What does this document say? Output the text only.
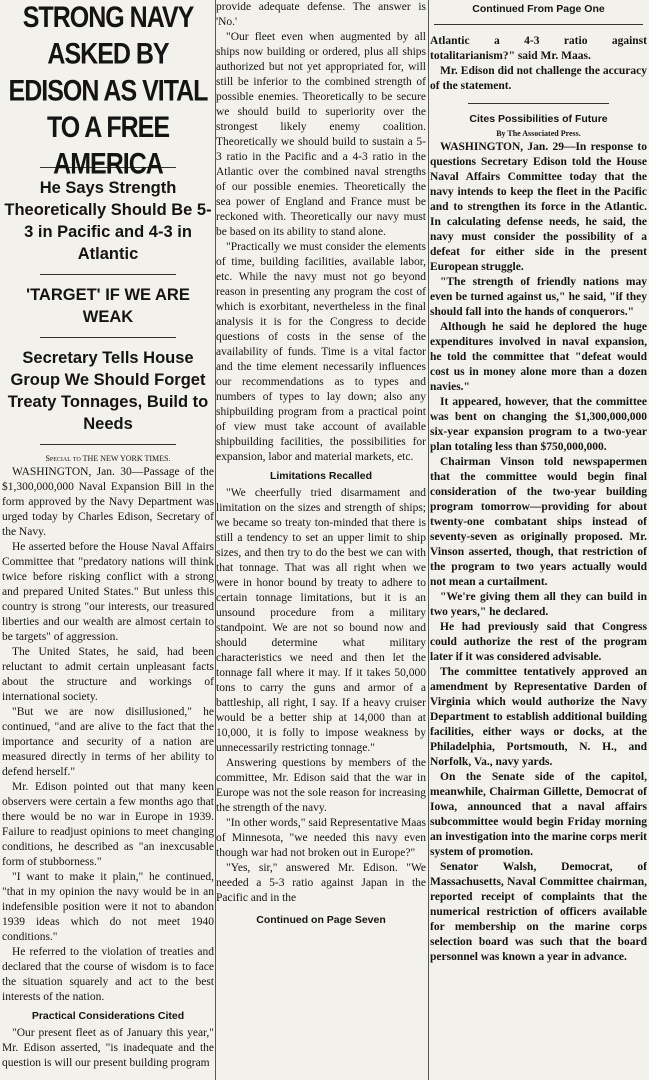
STRONG NAVY ASKED BY EDISON AS VITAL TO A FREE AMERICA
He Says Strength Theoretically Should Be 5-3 in Pacific and 4-3 in Atlantic
'TARGET' IF WE ARE WEAK
Secretary Tells House Group We Should Forget Treaty Tonnages, Build to Needs
Special to THE NEW YORK TIMES.

WASHINGTON, Jan. 30—Passage of the $1,300,000,000 Naval Expansion Bill in the form approved by the Navy Department was urged today by Charles Edison, Secretary of the Navy.

He asserted before the House Naval Affairs Committee that "predatory nations will think twice before risking conflict with a strong and prepared United States." But unless this country is strong "our interests, our treasured liberties and our wealth are almost certain to be targets" of aggression.

The United States, he said, had been reluctant to admit certain unpleasant facts about the structure and workings of international society.

"But we are now disillusioned," he continued, "and are alive to the fact that the importance and security of a nation are measured directly in terms of her ability to defend herself."

Mr. Edison pointed out that many keen observers were certain a few months ago that there would be no war in Europe in 1939. Failure to readjust opinions to meet changing conditions, he described as "an inexcusable form of stubborness."

"I want to make it plain," he continued, "that in my opinion the navy would be in an indefensible position were it not to abandon 1939 ideas which do not meet 1940 conditions."

He referred to the violation of treaties and declared that the course of wisdom is to face the situation squarely and act to the best interests of the nation.

Practical Considerations Cited

"Our present fleet as of January this year," Mr. Edison asserted, "is inadequate and the question is will our present building program

provide adequate defense. The answer is 'No.'

"Our fleet even when augmented by all ships now building or ordered, plus all ships authorized but not yet appropriated for, will still be inferior to the combined strength of possible enemies. Theoretically to be secure we should build to superiority over the strongest likely enemy coalition. Theoretically we should build to sustain a 5-3 ratio in the Pacific and a 4-3 ratio in the Atlantic over the combined naval strengths of our possible enemies. Theoretically the sea power of England and France must be reckoned with. Theoretically our navy must be based on its ability to stand alone.

"Practically we must consider the elements of time, building facilities, available labor, etc. While the navy must not go beyond reason in presenting any program the cost of which is exorbitant, nevertheless in the final analysis it is for the Congress to decide questions of costs in the sense of the availability of funds. Time is a vital factor and the time element necessarily influences our recommendations as to types and numbers of types to lay down; also any shipbuilding program from a practical point of view must take account of available shipbuilding facilities, the possibilities for expansion, labor and material markets, etc.

Limitations Recalled

"We cheerfully tried disarmament and limitation on the sizes and strength of ships; we became so treaty ton-minded that there is still a tendency to set an upper limit to ship sizes, and then try to do the best we can with that tonnage. That was all right when we were in honor bound by treaty to adhere to certain tonnage limitations, but it is an unsound procedure from a military standpoint. We are not so bound now and should determine what military characteristics we need and then let the tonnage fall where it may. If it takes 50,000 tons to carry the guns and armor of a battleship, all right, I say. If a heavy cruiser would be a better ship at 14,000 than at 10,000, it is folly to impose weakness by unnecessarily restricting tonnage."

Answering questions by members of the committee, Mr. Edison said that the war in Europe was not the sole reason for increasing the strength of the navy.

"In other words," said Representative Maas of Minnesota, "we needed this navy even though war had not broken out in Europe?"

"Yes, sir," answered Mr. Edison. "We needed a 5-3 ratio against Japan in the Pacific and in the

Continued on Page Seven
Continued From Page One

Atlantic a 4-3 ratio against totalitarianism?" said Mr. Maas.

Mr. Edison did not challenge the accuracy of the statement.

Cites Possibilities of Future
By The Associated Press.

WASHINGTON, Jan. 29—In response to questions Secretary Edison told the House Naval Affairs Committee today that the navy intends to keep the fleet in the Pacific and to strengthen its force in the Atlantic. In calculating defense needs, he said, the navy must consider the possibility of a defeat for either side in the present European struggle.

"The strength of friendly nations may even be turned against us," he said, "if they should fall into the hands of conquerors."

Although he said he deplored the huge expenditures involved in naval expansion, he told the committee that "defeat would cost us in money alone more than a dozen navies."

It appeared, however, that the committee was bent on changing the $1,300,000,000 six-year expansion program to a two-year plan totaling less than $750,000,000.

Chairman Vinson told newspapermen that the committee would begin final consideration of the two-year building program tomorrow—providing for about twenty-one combatant ships instead of seventy-seven as originally proposed. Mr. Vinson asserted, though, that restriction of the program to two years actually would not mean a curtailment.

"We're giving them all they can build in two years," he declared.

He had previously said that Congress could authorize the rest of the program later if it was considered advisable.

The committee tentatively approved an amendment by Representative Darden of Virginia which would authorize the Navy Department to establish additional building facilities, either ways or docks, at the Philadelphia, Portsmouth, N. H., and Norfolk, Va., navy yards.

On the Senate side of the capitol, meanwhile, Chairman Gillette, Democrat of Iowa, announced that a naval affairs subcommittee would begin Friday morning an investigation into the marine corps merit system of promotion.

Senator Walsh, Democrat, of Massachusetts, Naval Committee chairman, reported receipt of complaints that the numerical restriction of officers available for membership on the marine corps selection board was such that the board personnel was known a year in advance.
